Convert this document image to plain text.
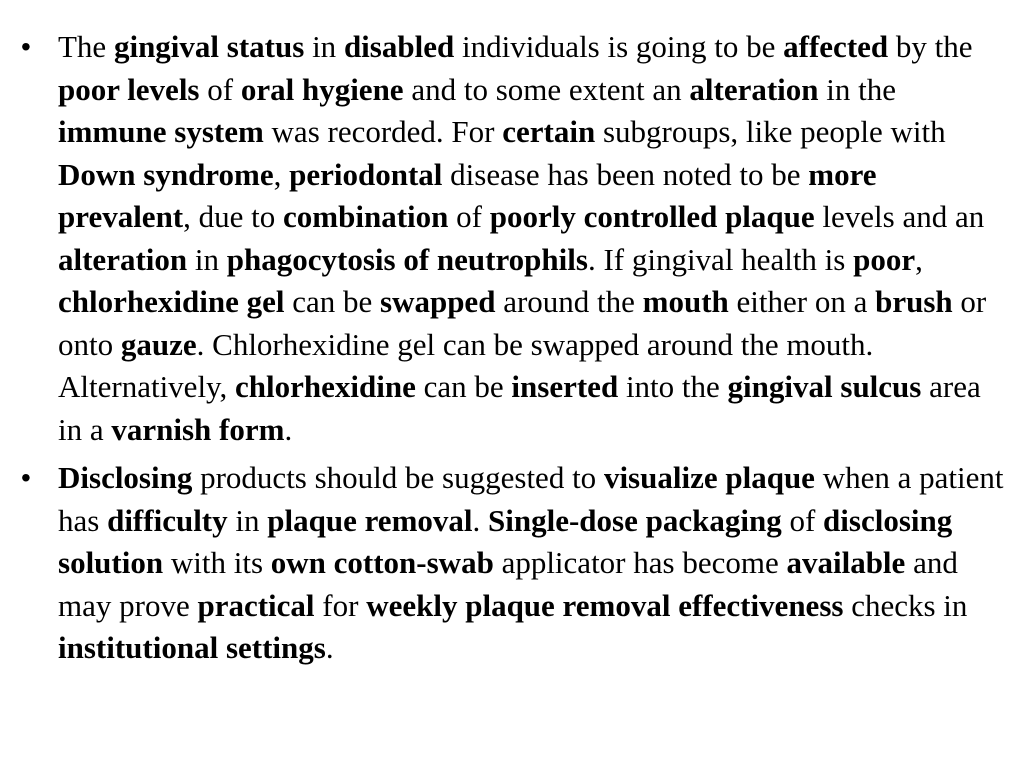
• The gingival status in disabled individuals is going to be affected by the poor levels of oral hygiene and to some extent an alteration in the immune system was recorded. For certain subgroups, like people with Down syndrome, periodontal disease has been noted to be more prevalent, due to combination of poorly controlled plaque levels and an alteration in phagocytosis of neutrophils. If gingival health is poor, chlorhexidine gel can be swapped around the mouth either on a brush or onto gauze. Chlorhexidine gel can be swapped around the mouth. Alternatively, chlorhexidine can be inserted into the gingival sulcus area in a varnish form.
• Disclosing products should be suggested to visualize plaque when a patient has difficulty in plaque removal. Single-dose packaging of disclosing solution with its own cotton-swab applicator has become available and may prove practical for weekly plaque removal effectiveness checks in institutional settings.
